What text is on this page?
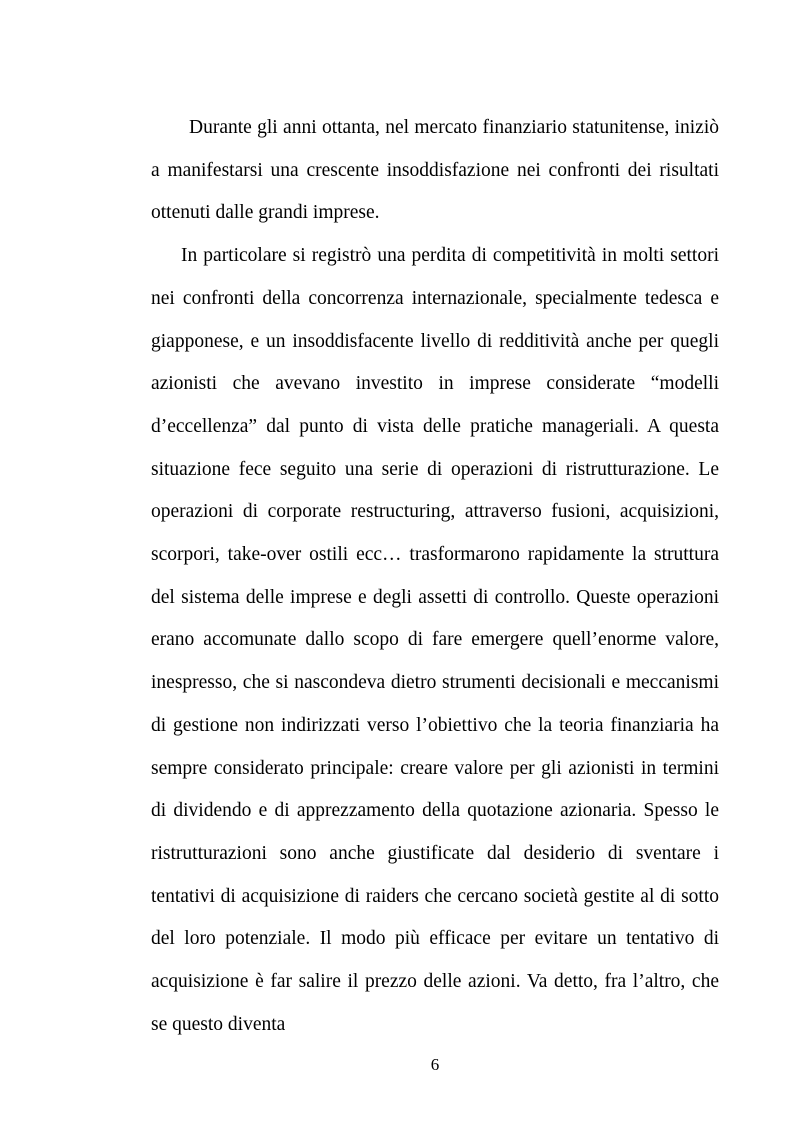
Durante gli anni ottanta, nel mercato finanziario statunitense, iniziò a manifestarsi una crescente insoddisfazione nei confronti dei risultati ottenuti dalle grandi imprese.

In particolare si registrò una perdita di competitività in molti settori nei confronti della concorrenza internazionale, specialmente tedesca e giapponese, e un insoddisfacente livello di redditività anche per quegli azionisti che avevano investito in imprese considerate “modelli d’eccellenza” dal punto di vista delle pratiche manageriali. A questa situazione fece seguito una serie di operazioni di ristrutturazione. Le operazioni di corporate restructuring, attraverso fusioni, acquisizioni, scorpori, take-over ostili ecc… trasformarono rapidamente la struttura del sistema delle imprese e degli assetti di controllo. Queste operazioni erano accomunate dallo scopo di fare emergere quell’enorme valore, inespresso, che si nascondeva dietro strumenti decisionali e meccanismi di gestione non indirizzati verso l’obiettivo che la teoria finanziaria ha sempre considerato principale: creare valore per gli azionisti in termini di dividendo e di apprezzamento della quotazione azionaria. Spesso le ristrutturazioni sono anche giustificate dal desiderio di sventare i tentativi di acquisizione di raiders che cercano società gestite al di sotto del loro potenziale. Il modo più efficace per evitare un tentativo di acquisizione è far salire il prezzo delle azioni. Va detto, fra l’altro, che se questo diventa

6
